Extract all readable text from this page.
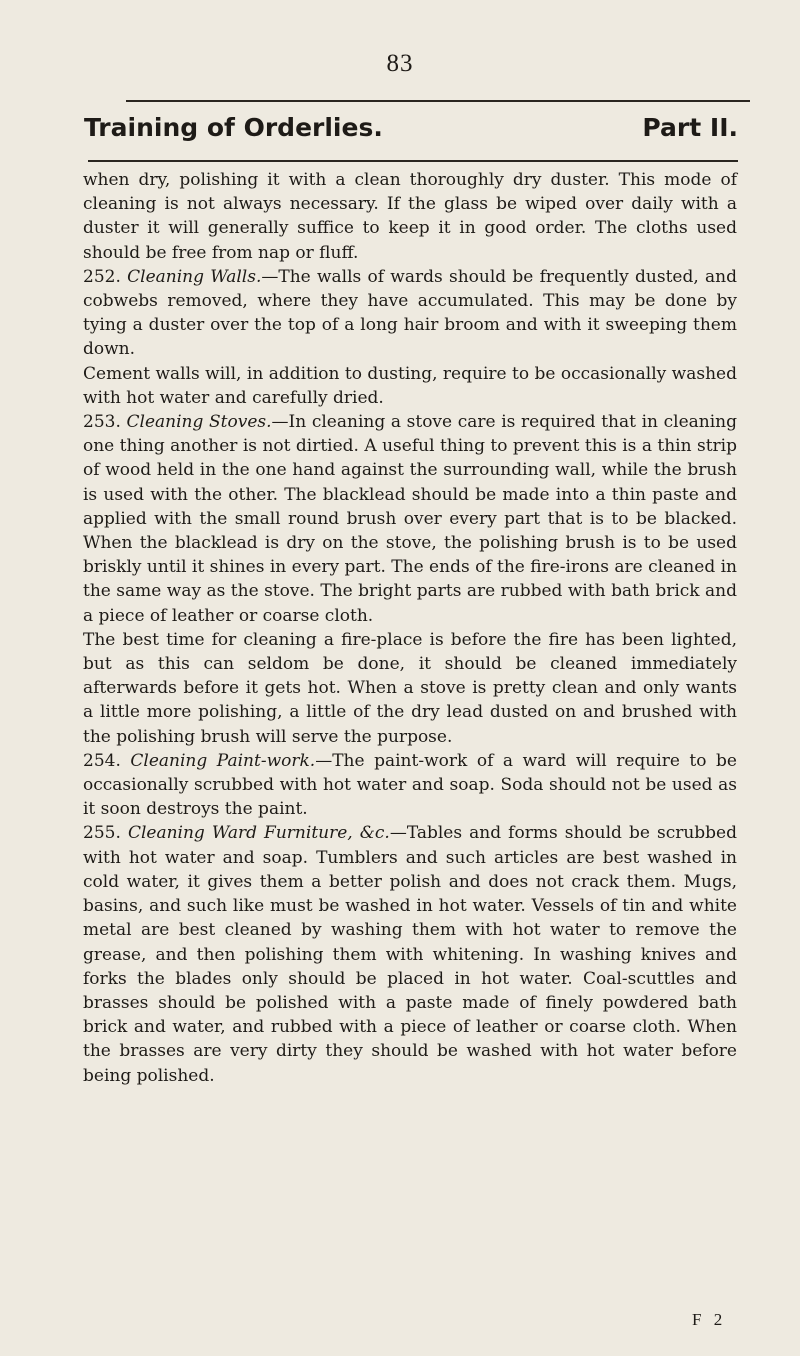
83
Training of Orderlies.	Part II.

when dry, polishing it with a clean thoroughly dry duster. This mode of cleaning is not always necessary. If the glass be wiped over daily with a duster it will generally suffice to keep it in good order. The cloths used should be free from nap or fluff.

252. Cleaning Walls.—The walls of wards should be frequently dusted, and cobwebs removed, where they have accumulated. This may be done by tying a duster over the top of a long hair broom and with it sweeping them down.

Cement walls will, in addition to dusting, require to be occasionally washed with hot water and carefully dried.

253. Cleaning Stoves.—In cleaning a stove care is required that in cleaning one thing another is not dirtied. A useful thing to prevent this is a thin strip of wood held in the one hand against the surrounding wall, while the brush is used with the other. The blacklead should be made into a thin paste and applied with the small round brush over every part that is to be blacked. When the blacklead is dry on the stove, the polishing brush is to be used briskly until it shines in every part. The ends of the fire-irons are cleaned in the same way as the stove. The bright parts are rubbed with bath brick and a piece of leather or coarse cloth.

The best time for cleaning a fire-place is before the fire has been lighted, but as this can seldom be done, it should be cleaned immediately afterwards before it gets hot. When a stove is pretty clean and only wants a little more polishing, a little of the dry lead dusted on and brushed with the polishing brush will serve the purpose.

254. Cleaning Paint-work.—The paint-work of a ward will require to be occasionally scrubbed with hot water and soap. Soda should not be used as it soon destroys the paint.

255. Cleaning Ward Furniture, &c.—Tables and forms should be scrubbed with hot water and soap. Tumblers and such articles are best washed in cold water, it gives them a better polish and does not crack them. Mugs, basins, and such like must be washed in hot water. Vessels of tin and white metal are best cleaned by washing them with hot water to remove the grease, and then polishing them with whitening. In washing knives and forks the blades only should be placed in hot water. Coal-scuttles and brasses should be polished with a paste made of finely powdered bath brick and water, and rubbed with a piece of leather or coarse cloth. When the brasses are very dirty they should be washed with hot water before being polished.

F 2
